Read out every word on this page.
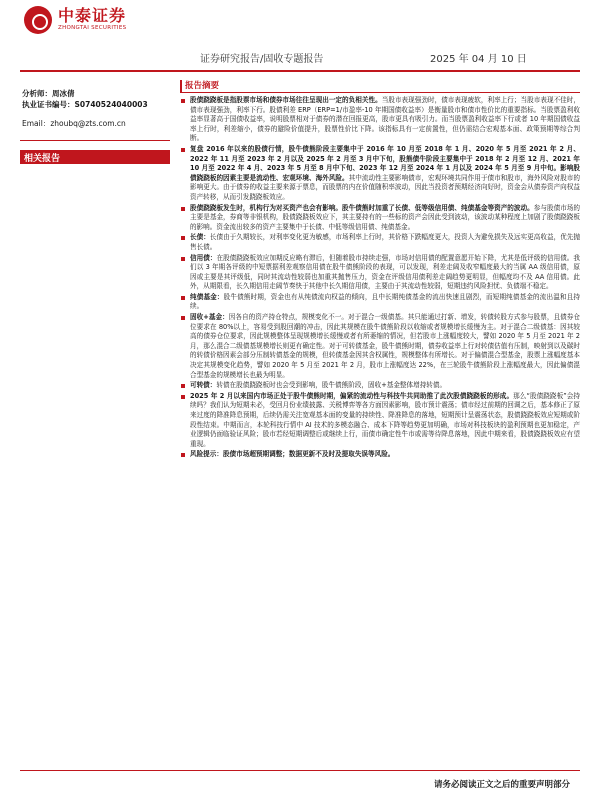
中泰证券
ZHONGTAI SECURITIES
证券研究报告/固收专题报告	2025 年 04 月 10 日
分析师：周冰倩
执业证书编号：S0740524040003
Email：zhoubq@zts.com.cn
相关报告
报告摘要
股债跷跷板是指股票市场和债券市场往往呈现出一定的负相关性。当股市表现强劲时，债市表现疲软，利率上行；当股市表现不佳时，债市表现强劲，利率下行。股债利差 ERP（ERP=1/市盈率-10 年期国债收益率）是衡量股市和债市性价比的重要指标。当股票盈利收益率显著高于国债收益率，说明股票相对于债券的潜在回报更高，股市更具有吸引力。而当股票盈利收益率下行或者 10 年期国债收益率上行时，利差缩小，债券的避险价值提升，股票性价比下降。该指标具有一定前置性，但仍需结合宏观基本面、政策预期等综合判断。
复盘 2016 年以来的股债行情，股牛债熊阶段主要集中于 2016 年 10 月至 2018 年 1 月、2020 年 5 月至 2021 年 2 月、2022 年 11 月至 2023 年 2 月以及 2025 年 2 月至 3 月中下旬，股熊债牛阶段主要集中于 2018 年 2 月至 12 月、2021 年 10 月至 2022 年 4 月、2023 年 5 月至 8 月中下旬、2023 年 12 月至 2024 年 1 月以及 2024 年 5 月至 9 月中旬。影响股债跷跷板的因素主要是流动性、宏观环境、海外风险。其中流动性主要影响债市，宏观环境共同作用于债市和股市，海外风险对股市的影响更大。由于债券的收益主要来源于票息，而股票的内在价值随积率波动，因此当投资者预期经济向好时，资金会从债券资产向权益资产转移，从而引发跷跷板效应。
股债跷跷板发生时，机构行为对买资产也会有影响。股牛债熊时加重了长债、低等级信用债、纯债基金等资产的波动。参与股债市场的主要是基金，券商等非银机构，股债跷跷板效应下，其主要持有的一些标的资产会因此受到波动，该波动某种程度上加剧了股债跷跷板的影响。资金流出较多的资产主要集中于长债、中低等级信用债、纯债基金。
长债：长债由于久期较长，对利率变化更为敏感，市场利率上行时，其价格下跌幅度更大，投资人为避免损失及远实更高收益，优先抛售长债。
信用债：在股债跷跷板效应加期反应略有滞后，但随着股市持续走强，市场对信用债的配置意愿开始下降，尤其是低评级的信用债。我们以 3 年期各评级的中短票据利差观察信用债在股牛债熊阶段的表现，可以发现，利差走阔及收窄幅度最大的当属 AA 级信用债，原因或主要是其评级低，同时其流动性较弱也加重其抛售压力，资金在评级信用债利差走阔趋势更明显，但幅度均不及 AA 信用债。此外，从期限看，长久期信用走阔节奏快于其他中长久期信用债，主要由于其流动性较弱，短期违约风险担忧、负债端不稳定。
纯债基金：股牛债熊时期，资金也有从纯债流向权益的倾向，且中长期纯债基金的流出快速且剧烈，而短期纯债基金的流出温和且持续。
固收+基金：因各自的资产持仓特点，规模变化不一。对于混合一级债基。其只能通过打新、增发，转债转股方式参与股票，且债券仓位要求在 80%以上，容易受到股回潮的冲击，因此其规模在股牛债熊阶段以收缩或者规模增长缓慢为主。对于混合二级债基：因其较高的债券仓位要求，因此规模整体呈现规模增长缓慢或者有所萎缩的情况，但若股市上涨幅度较大，譬如 2020 年 5 月至 2021 年 2 月，那么混合二级债基规模增长则更有确定性。对于可转债基金，股牛债熊时期，债券收益率上行对转债估值有压制，映射到以及碳时的转债价格因素会部分压制转债基金的规模，但转债基金因其含权属性，规模整体有所增长。对于偏债混合型基金，股票上涨幅度基本决定其规模变化趋势，譬如 2020 年 5 月至 2021 年 2 月，股市上涨幅度达 22%，在三轮股牛债熊阶段上涨幅度最大，因此偏债混合型基金的规模增长也最为明显。
可转债：转债在股债跷跷板时也会受到影响，股牛债熊阶段，固收+基金整体增持转债。
2025 年 2 月以来国内市场正处于股牛债熊时期，偏紧的流动性与科技牛共同助推了此次股债跷跷板的形成。那么“股债跷跷板”会持续吗？我们认为短期未必，受回月份业绩披露、关税博弈等各方面因素影响，股市预计震荡；债市经过前期的回调之后，基本修正了原来过度的降准降息预期，后续仍需关注宽观基本面的变量的持续性、降准降息的落地，短期预计呈震荡状态，股债跷跷板效应短期或阶段性结束。中期而言，本轮科技行情中 AI 技术的多模态融合、成本下降等趋势更加明确，市场对科技板块的盈利预期也更加稳定，产业逻辑仍面临验证风险；股市若经短期调整后或继续上行，而债市确定性牛市或需等待降息落地，因此中期来看，股债跷跷板效应有望重现。
风险提示：股债市场超预期调整；数据更新不及时及提取失误等风险。
请务必阅读正文之后的重要声明部分
